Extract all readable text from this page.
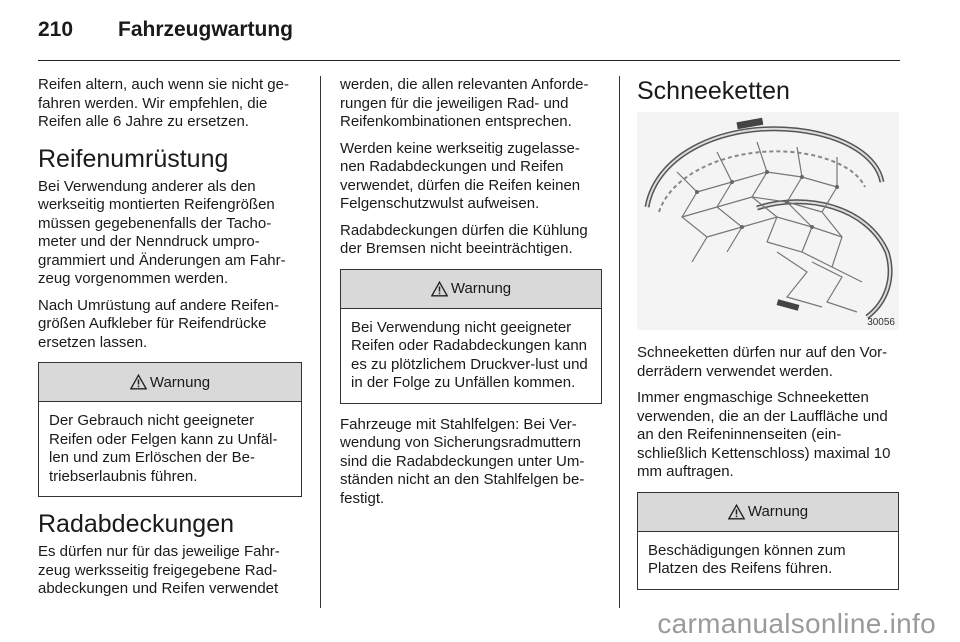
210	Fahrzeugwartung

Reifen altern, auch wenn sie nicht ge-fahren werden. Wir empfehlen, die Reifen alle 6 Jahre zu ersetzen.

Reifenumrüstung

Bei Verwendung anderer als den werkseitig montierten Reifengrößen müssen gegebenenfalls der Tacho-meter und der Nenndruck umpro-grammiert und Änderungen am Fahr-zeug vorgenommen werden.

Nach Umrüstung auf andere Reifen-größen Aufkleber für Reifendrücke ersetzen lassen.

Warnung
Der Gebrauch nicht geeigneter Reifen oder Felgen kann zu Unfäl-len und zum Erlöschen der Be-triebserlaubnis führen.
Radabdeckungen

Es dürfen nur für das jeweilige Fahr-zeug werksseitig freigegebene Rad-abdeckungen und Reifen verwendet

werden, die allen relevanten Anforde-rungen für die jeweiligen Rad- und Reifenkombinationen entsprechen.

Werden keine werkseitig zugelasse-nen Radabdeckungen und Reifen verwendet, dürfen die Reifen keinen Felgenschutzwulst aufweisen.

Radabdeckungen dürfen die Kühlung der Bremsen nicht beeinträchtigen.

Warnung
Bei Verwendung nicht geeigneter Reifen oder Radabdeckungen kann es zu plötzlichem Druckver-lust und in der Folge zu Unfällen kommen.

Fahrzeuge mit Stahlfelgen: Bei Ver-wendung von Sicherungsradmuttern sind die Radabdeckungen unter Um-ständen nicht an den Stahlfelgen be-festigt.

Schneeketten
30056

Schneeketten dürfen nur auf den Vor-derrädern verwendet werden.

Immer engmaschige Schneeketten verwenden, die an der Lauffläche und an den Reifeninnenseiten (ein-schließlich Kettenschloss) maximal 10 mm auftragen.

Warnung
Beschädigungen können zum Platzen des Reifens führen.
carmanualsonline.info
